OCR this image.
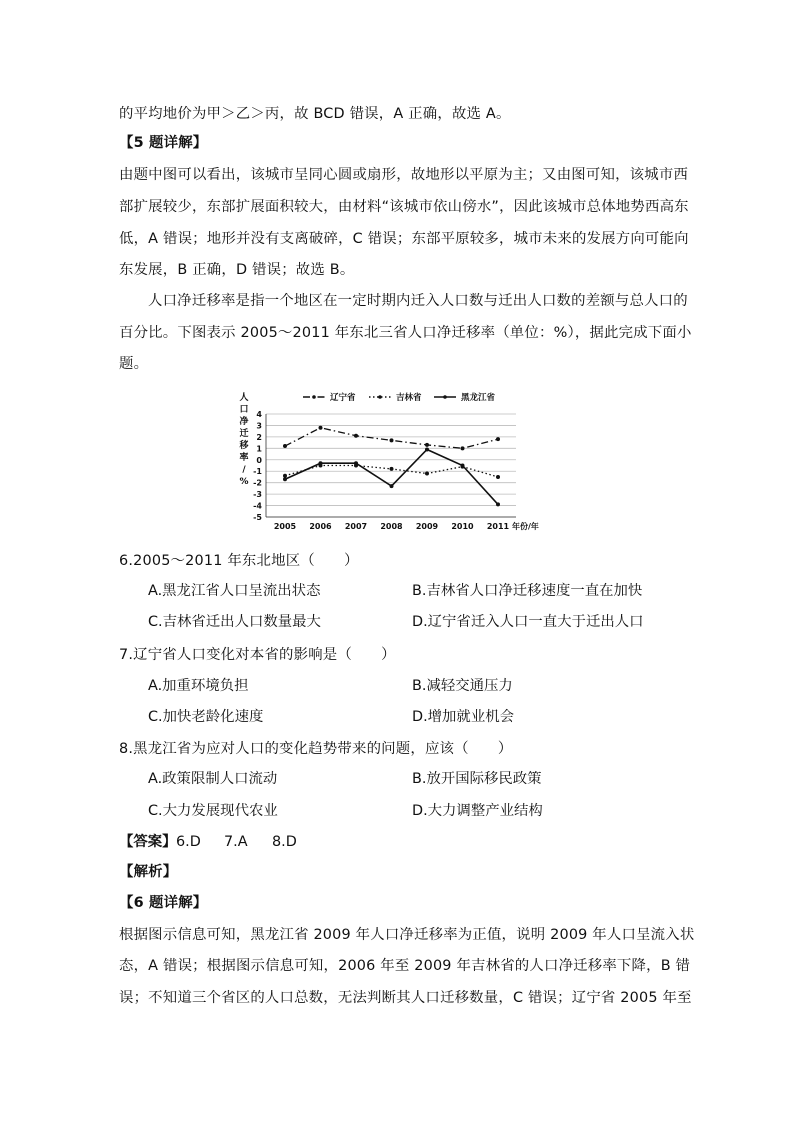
的平均地价为甲＞乙＞丙，故 BCD 错误，A 正确，故选 A。
【5 题详解】
由题中图可以看出，该城市呈同心圆或扇形，故地形以平原为主；又由图可知，该城市西
部扩展较少，东部扩展面积较大，由材料“该城市依山傍水”，因此该城市总体地势西高东
低，A 错误；地形并没有支离破碎，C 错误；东部平原较多，城市未来的发展方向可能向
东发展，B 正确，D 错误；故选 B。
人口净迁移率是指一个地区在一定时期内迁入人口数与迁出人口数的差额与总人口的
百分比。下图表示 2005～2011 年东北三省人口净迁移率（单位：%），据此完成下面小
题。
4
3
2
1
0
-1
-2
-3
-4
-5
2005 2006 2007 2008 2009 2010 2011 年份/年
辽宁省	吉林省	黑龙江省
人口净迁移率/ %
6.2005～2011 年东北地区（　　）
A.黑龙江省人口呈流出状态	B.吉林省人口净迁移速度一直在加快
C.吉林省迁出人口数量最大	D.辽宁省迁入人口一直大于迁出人口
7.辽宁省人口变化对本省的影响是（　　）
A.加重环境负担	B.减轻交通压力
C.加快老龄化速度	D.增加就业机会
8.黑龙江省为应对人口的变化趋势带来的问题，应该（　　）
A.政策限制人口流动	B.放开国际移民政策
C.大力发展现代农业	D.大力调整产业结构
【答案】 6.D 7.A 8.D
【解析】
【6 题详解】
根据图示信息可知，黑龙江省 2009 年人口净迁移率为正值，说明 2009 年人口呈流入状
态，A 错误；根据图示信息可知，2006 年至 2009 年吉林省的人口净迁移率下降，B 错
误；不知道三个省区的人口总数，无法判断其人口迁移数量，C 错误；辽宁省 2005 年至
